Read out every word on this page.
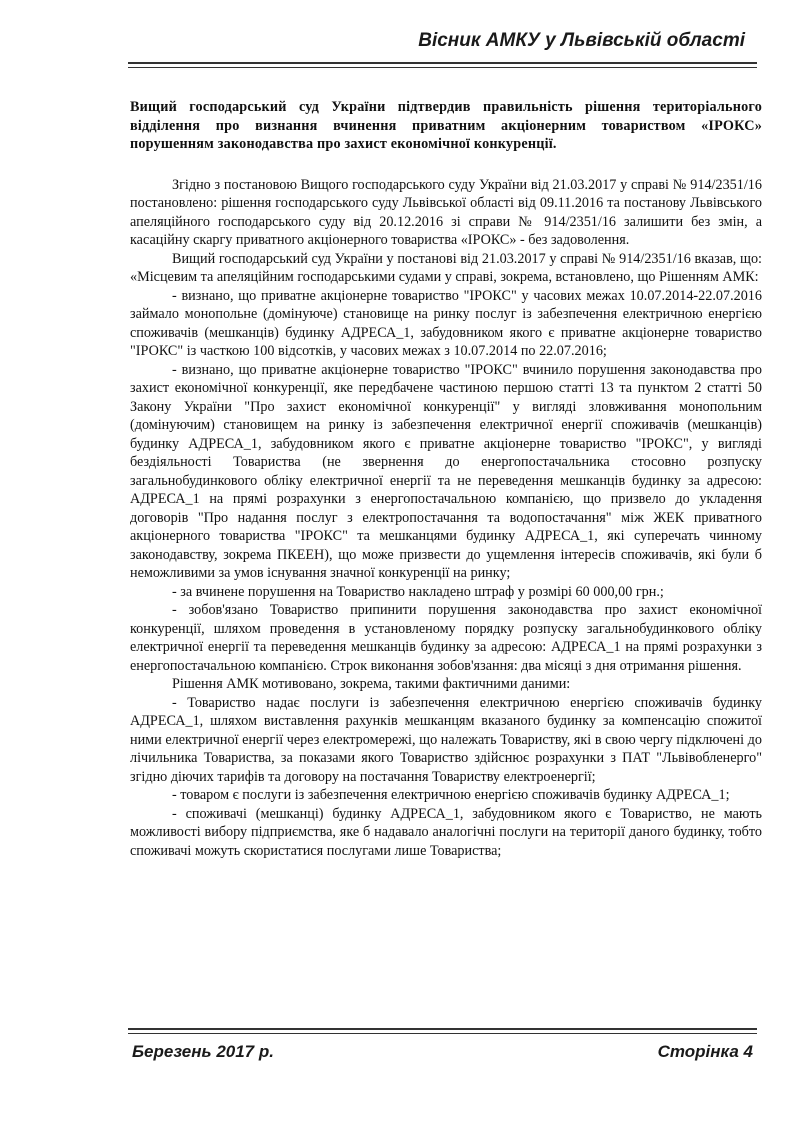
Вісник АМКУ у Львівській області

Вищий господарський суд України підтвердив правильність рішення територіального відділення про визнання вчинення приватним акціонерним товариством «ІРОКС» порушенням законодавства про захист економічної конкуренції.

Згідно з постановою Вищого господарського суду України від 21.03.2017 у справі № 914/2351/16 постановлено: рішення господарського суду Львівської області від 09.11.2016 та постанову Львівського апеляційного господарського суду від 20.12.2016 зі справи № 914/2351/16 залишити без змін, а касаційну скаргу приватного акціонерного товариства «ІРОКС» - без задоволення.

Вищий господарський суд України у постанові від 21.03.2017 у справі № 914/2351/16 вказав, що: «Місцевим та апеляційним господарськими судами у справі, зокрема, встановлено, що Рішенням АМК:

- визнано, що приватне акціонерне товариство "ІРОКС" у часових межах 10.07.2014-22.07.2016 займало монопольне (домінуюче) становище на ринку послуг із забезпечення електричною енергією споживачів (мешканців) будинку АДРЕСА_1, забудовником якого є приватне акціонерне товариство "ІРОКС" із часткою 100 відсотків, у часових межах з 10.07.2014 по 22.07.2016;

- визнано, що приватне акціонерне товариство "ІРОКС" вчинило порушення законодавства про захист економічної конкуренції, яке передбачене частиною першою статті 13 та пунктом 2 статті 50 Закону України "Про захист економічної конкуренції" у вигляді зловживання монопольним (домінуючим) становищем на ринку із забезпечення електричної енергії споживачів (мешканців) будинку АДРЕСА_1, забудовником якого є приватне акціонерне товариство "ІРОКС", у вигляді бездіяльності Товариства (не звернення до енергопостачальника стосовно розпуску загальнобудинкового обліку електричної енергії та не переведення мешканців будинку за адресою: АДРЕСА_1 на прямі розрахунки з енергопостачальною компанією, що призвело до укладення договорів "Про надання послуг з електропостачання та водопостачання" між ЖЕК приватного акціонерного товариства "ІРОКС" та мешканцями будинку АДРЕСА_1, які суперечать чинному законодавству, зокрема ПКЕЕН), що може призвести до ущемлення інтересів споживачів, які були б неможливими за умов існування значної конкуренції на ринку;

- за вчинене порушення на Товариство накладено штраф у розмірі 60 000,00 грн.;

- зобов'язано Товариство припинити порушення законодавства про захист економічної конкуренції, шляхом проведення в установленому порядку розпуску загальнобудинкового обліку електричної енергії та переведення мешканців будинку за адресою: АДРЕСА_1 на прямі розрахунки з енергопостачальною компанією. Строк виконання зобов'язання: два місяці з дня отримання рішення.

Рішення АМК мотивовано, зокрема, такими фактичними даними:

- Товариство надає послуги із забезпечення електричною енергією споживачів будинку АДРЕСА_1, шляхом виставлення рахунків мешканцям вказаного будинку за компенсацію спожитої ними електричної енергії через електромережі, що належать Товариству, які в свою чергу підключені до лічильника Товариства, за показами якого Товариство здійснює розрахунки з ПАТ "Львівобленерго" згідно діючих тарифів та договору на постачання Товариству електроенергії;

- товаром є послуги із забезпечення електричною енергією споживачів будинку АДРЕСА_1;

- споживачі (мешканці) будинку АДРЕСА_1, забудовником якого є Товариство, не мають можливості вибору підприємства, яке б надавало аналогічні послуги на території даного будинку, тобто споживачі можуть скористатися послугами лише Товариства;

Березень 2017 р.	Сторінка 4
